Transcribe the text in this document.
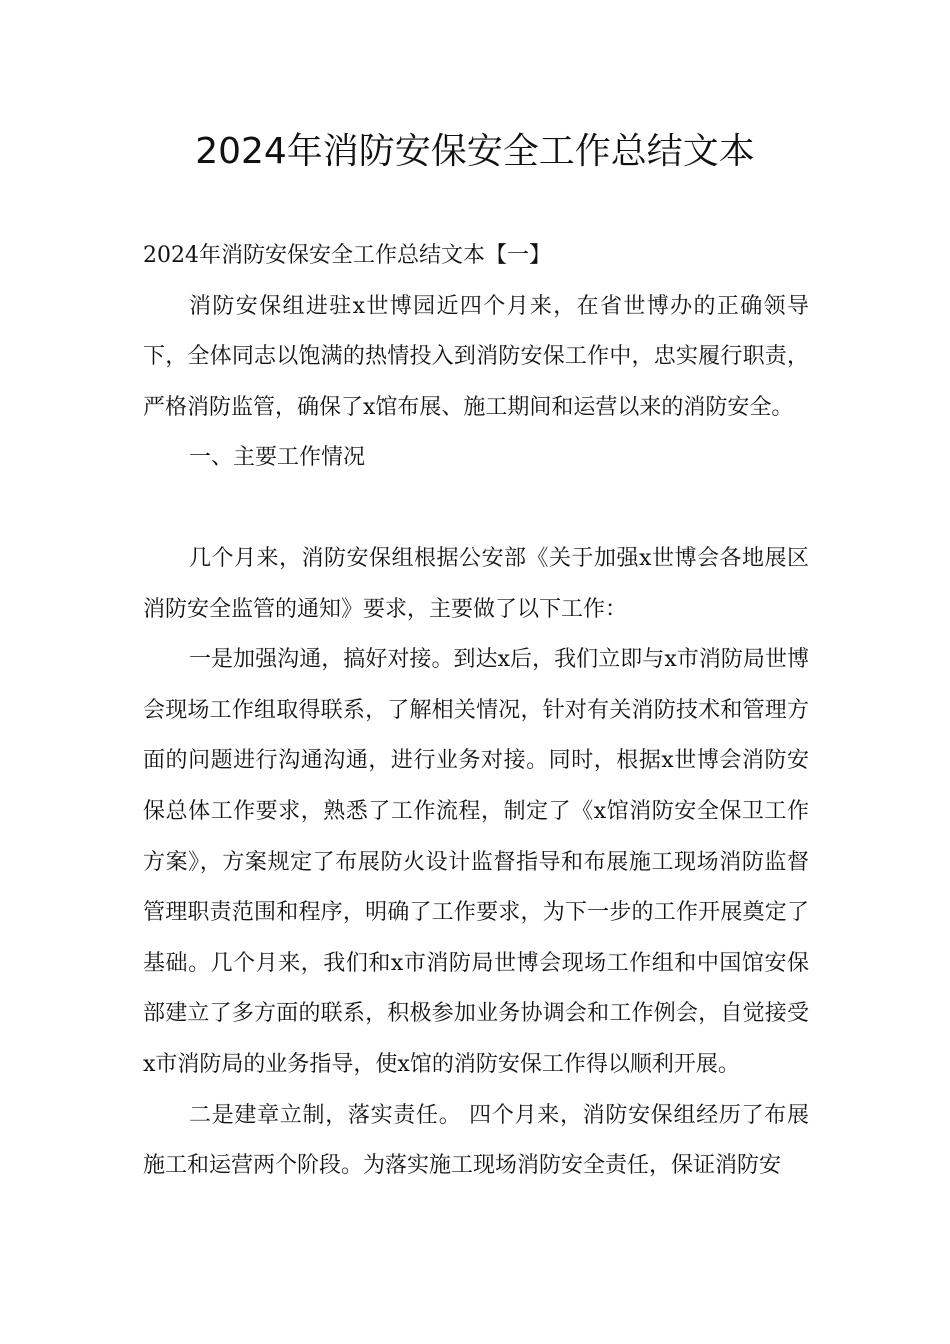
2024年消防安保安全工作总结文本

2024年消防安保安全工作总结文本【一】

消防安保组进驻x世博园近四个月来，在省世博办的正确领导下，全体同志以饱满的热情投入到消防安保工作中，忠实履行职责，严格消防监管，确保了x馆布展、施工期间和运营以来的消防安全。

一、主要工作情况

几个月来，消防安保组根据公安部《关于加强x世博会各地展区消防安全监管的通知》要求，主要做了以下工作：

一是加强沟通，搞好对接。到达x后，我们立即与x市消防局世博会现场工作组取得联系，了解相关情况，针对有关消防技术和管理方面的问题进行沟通沟通，进行业务对接。同时，根据x世博会消防安保总体工作要求，熟悉了工作流程，制定了《x馆消防安全保卫工作方案》，方案规定了布展防火设计监督指导和布展施工现场消防监督管理职责范围和程序，明确了工作要求，为下一步的工作开展奠定了基础。几个月来，我们和x市消防局世博会现场工作组和中国馆安保部建立了多方面的联系，积极参加业务协调会和工作例会，自觉接受x市消防局的业务指导，使x馆的消防安保工作得以顺利开展。

二是建章立制，落实责任。 四个月来，消防安保组经历了布展施工和运营两个阶段。为落实施工现场消防安全责任，保证消防安
